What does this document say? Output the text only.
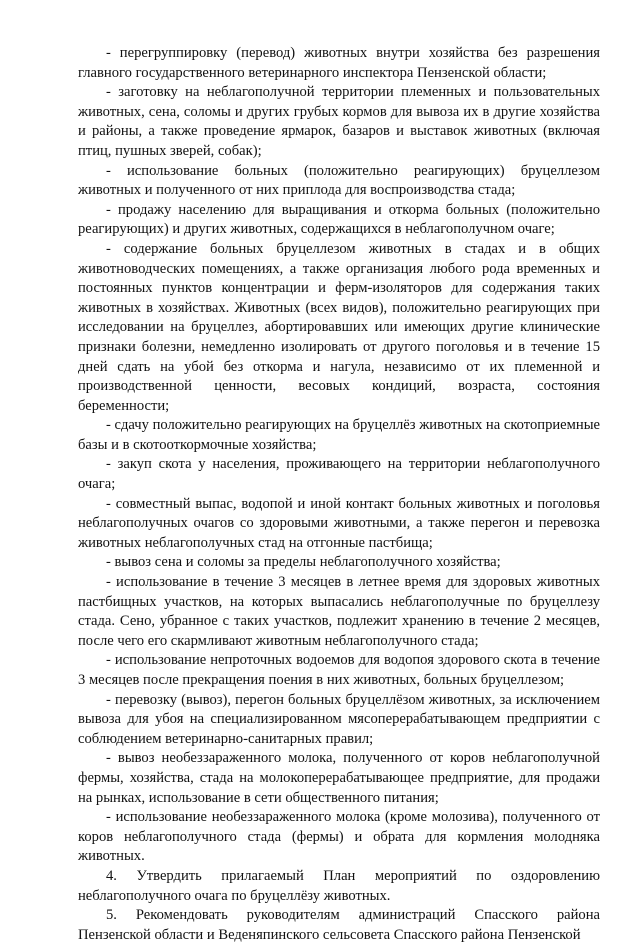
- перегруппировку (перевод) животных внутри хозяйства без разрешения главного государственного ветеринарного инспектора Пензенской области;

- заготовку на неблагополучной территории племенных и пользовательных животных, сена, соломы и других грубых кормов для вывоза их в другие хозяйства и районы, а также проведение ярмарок, базаров и выставок животных (включая птиц, пушных зверей, собак);

- использование больных (положительно реагирующих) бруцеллезом животных и полученного от них приплода для воспроизводства стада;

- продажу населению для выращивания и откорма больных (положительно реагирующих) и других животных, содержащихся в неблагополучном очаге;

- содержание больных бруцеллезом животных в стадах и в общих животноводческих помещениях, а также организация любого рода временных и постоянных пунктов концентрации и ферм-изоляторов для содержания таких животных в хозяйствах. Животных (всех видов), положительно реагирующих при исследовании на бруцеллез, абортировавших или имеющих другие клинические признаки болезни, немедленно изолировать от другого поголовья и в течение 15 дней сдать на убой без откорма и нагула, независимо от их племенной и производственной ценности, весовых кондиций, возраста, состояния беременности;

- сдачу положительно реагирующих на бруцеллёз животных на скотоприемные базы и в скотооткормочные хозяйства;

- закуп скота у населения, проживающего на территории неблагополучного очага;

- совместный выпас, водопой и иной контакт больных животных и поголовья неблагополучных очагов со здоровыми животными, а также перегон и перевозка животных неблагополучных стад на отгонные пастбища;

- вывоз сена и соломы за пределы неблагополучного хозяйства;

- использование в течение 3 месяцев в летнее время для здоровых животных пастбищных участков, на которых выпасались неблагополучные по бруцеллезу стада. Сено, убранное с таких участков, подлежит хранению в течение 2 месяцев, после чего его скармливают животным неблагополучного стада;

- использование непроточных водоемов для водопоя здорового скота в течение 3 месяцев после прекращения поения в них животных, больных бруцеллезом;

- перевозку (вывоз), перегон больных бруцеллёзом животных, за исключением вывоза для убоя на специализированном мясоперерабатывающем предприятии с соблюдением ветеринарно-санитарных правил;

- вывоз необеззараженного молока, полученного от коров неблагополучной фермы, хозяйства, стада на молокоперерабатывающее предприятие, для продажи на рынках, использование в сети общественного питания;

- использование необеззараженного молока (кроме молозива), полученного от коров неблагополучного стада (фермы) и обрата для кормления молодняка животных.

4. Утвердить прилагаемый План мероприятий по оздоровлению неблагополучного очага по бруцеллёзу животных.

5. Рекомендовать руководителям администраций Спасского района Пензенской области и Веденяпинского сельсовета Спасского района Пензенской
